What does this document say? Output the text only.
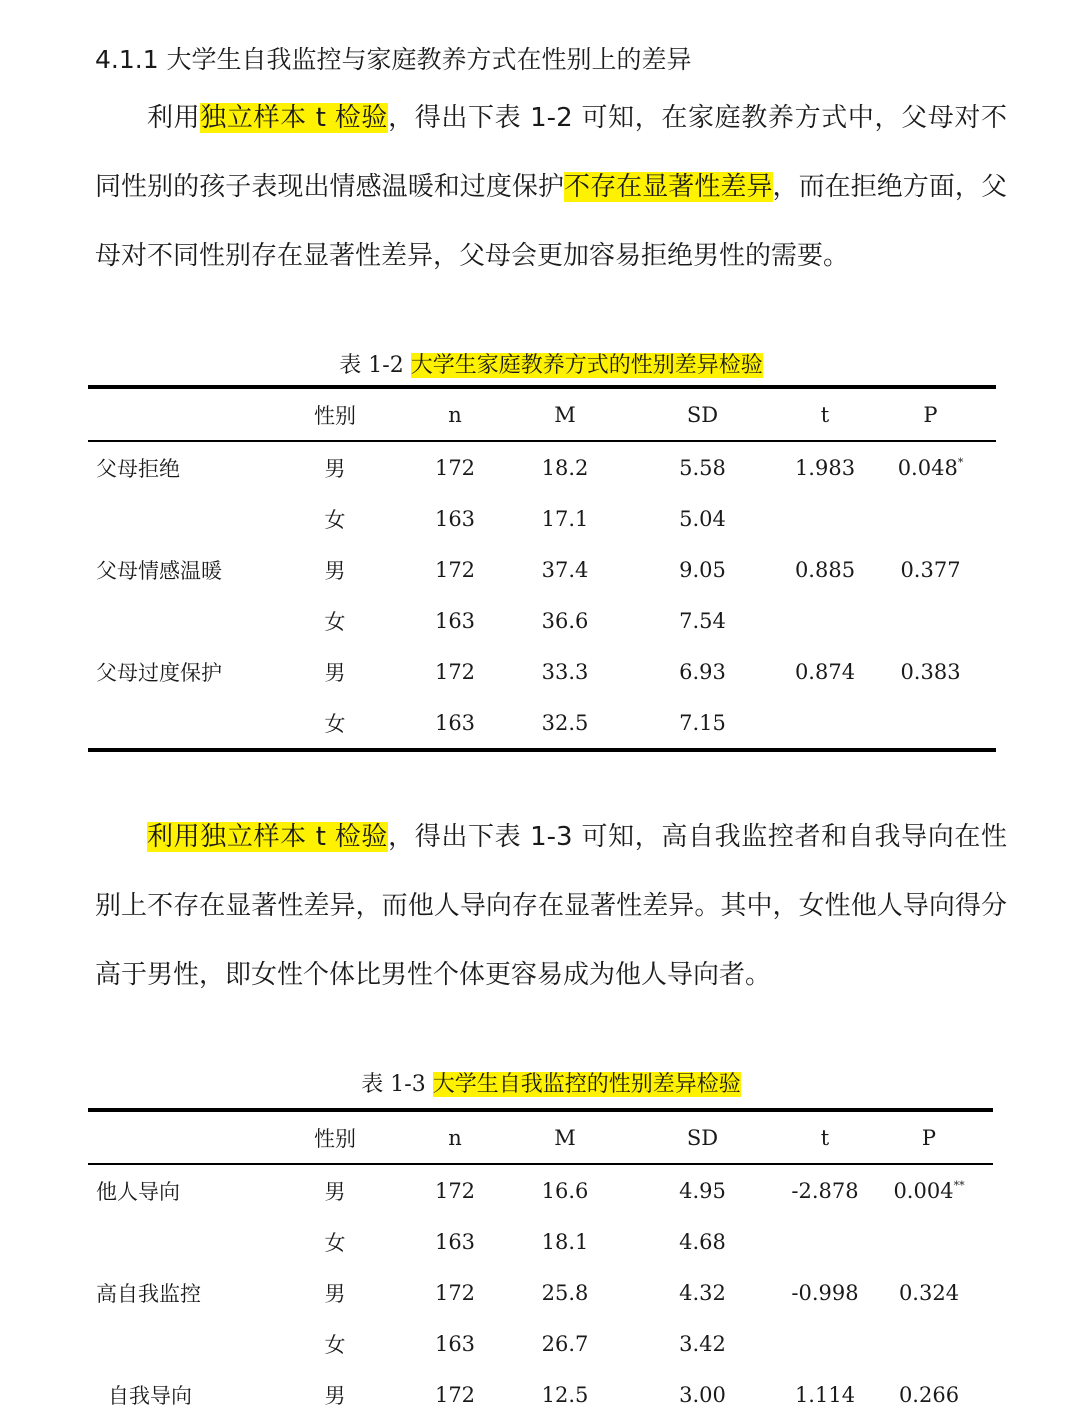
4.1.1 大学生自我监控与家庭教养方式在性别上的差异

利用独立样本 t 检验，得出下表 1-2 可知，在家庭教养方式中，父母对不同性别的孩子表现出情感温暖和过度保护不存在显著性差异，而在拒绝方面，父母对不同性别存在显著性差异，父母会更加容易拒绝男性的需要。

表 1-2 大学生家庭教养方式的性别差异检验
	性别	n	M	SD	t	P
父母拒绝	男	172	18.2	5.58	1.983	0.048*
	女	163	17.1	5.04		
父母情感温暖	男	172	37.4	9.05	0.885	0.377
	女	163	36.6	7.54		
父母过度保护	男	172	33.3	6.93	0.874	0.383
	女	163	32.5	7.15		

利用独立样本 t 检验，得出下表 1-3 可知，高自我监控者和自我导向在性别上不存在显著性差异，而他人导向存在显著性差异。其中，女性他人导向得分高于男性，即女性个体比男性个体更容易成为他人导向者。

表 1-3 大学生自我监控的性别差异检验
	性别	n	M	SD	t	P
他人导向	男	172	16.6	4.95	-2.878	0.004**
	女	163	18.1	4.68		
高自我监控	男	172	25.8	4.32	-0.998	0.324
	女	163	26.7	3.42		
自我导向	男	172	12.5	3.00	1.114	0.266
